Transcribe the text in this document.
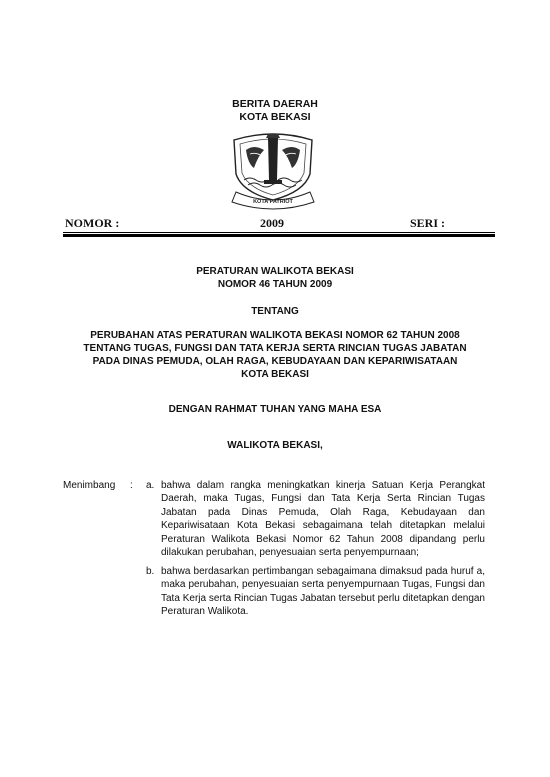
BERITA DAERAH
KOTA BEKASI
KOTA PATRIOT
NOMOR :	2009	SERI :
PERATURAN WALIKOTA BEKASI
NOMOR 46 TAHUN 2009
TENTANG
PERUBAHAN ATAS PERATURAN WALIKOTA BEKASI NOMOR 62 TAHUN 2008
TENTANG TUGAS, FUNGSI DAN TATA KERJA SERTA RINCIAN TUGAS JABATAN
PADA DINAS PEMUDA, OLAH RAGA, KEBUDAYAAN DAN KEPARIWISATAAN
KOTA BEKASI
DENGAN RAHMAT TUHAN YANG MAHA ESA
WALIKOTA BEKASI,
Menimbang : a. bahwa dalam rangka meningkatkan kinerja Satuan Kerja Perangkat Daerah, maka Tugas, Fungsi dan Tata Kerja Serta Rincian Tugas Jabatan pada Dinas Pemuda, Olah Raga, Kebudayaan dan Kepariwisataan Kota Bekasi sebagaimana telah ditetapkan melalui Peraturan Walikota Bekasi Nomor 62 Tahun 2008 dipandang perlu dilakukan perubahan, penyesuaian serta penyempurnaan;
b. bahwa berdasarkan pertimbangan sebagaimana dimaksud pada huruf a, maka perubahan, penyesuaian serta penyempurnaan Tugas, Fungsi dan Tata Kerja serta Rincian Tugas Jabatan tersebut perlu ditetapkan dengan Peraturan Walikota.
